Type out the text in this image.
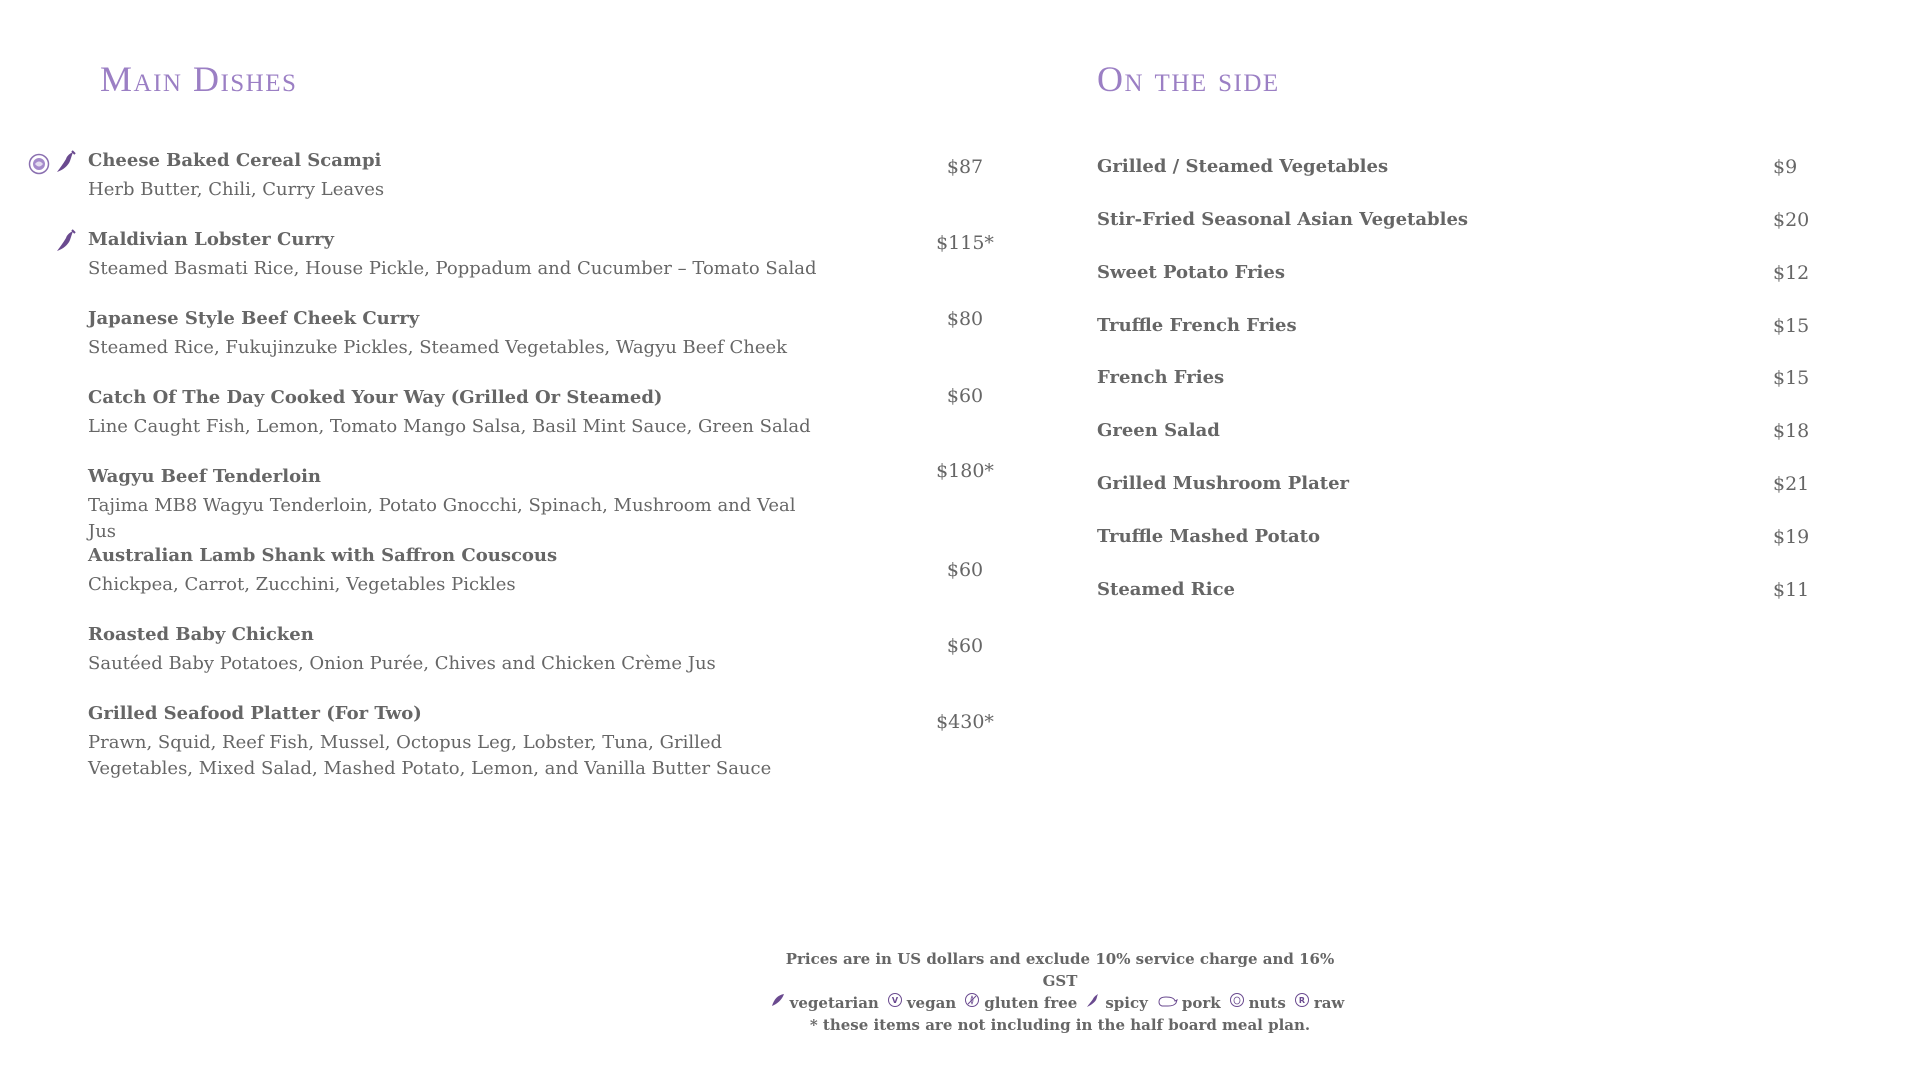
Main Dishes	On the side
Cheese Baked Cereal Scampi
Herb Butter, Chili, Curry Leaves
$87
Maldivian Lobster Curry
Steamed Basmati Rice, House Pickle, Poppadum and Cucumber – Tomato Salad
$115*
Japanese Style Beef Cheek Curry
Steamed Rice, Fukujinzuke Pickles, Steamed Vegetables, Wagyu Beef Cheek
$80
Catch Of The Day Cooked Your Way (Grilled Or Steamed)
Line Caught Fish, Lemon, Tomato Mango Salsa, Basil Mint Sauce, Green Salad
$60
Wagyu Beef Tenderloin
Tajima MB8 Wagyu Tenderloin, Potato Gnocchi, Spinach, Mushroom and Veal Jus
$180*
Australian Lamb Shank with Saffron Couscous
Chickpea, Carrot, Zucchini, Vegetables Pickles
$60
Roasted Baby Chicken
Sautéed Baby Potatoes, Onion Purée, Chives and Chicken Crème Jus
$60
Grilled Seafood Platter (For Two)
Prawn, Squid, Reef Fish, Mussel, Octopus Leg, Lobster, Tuna, Grilled Vegetables, Mixed Salad, Mashed Potato, Lemon, and Vanilla Butter Sauce
$430*
Grilled / Steamed Vegetables	$9
Stir-Fried Seasonal Asian Vegetables	$20
Sweet Potato Fries	$12
Truffle French Fries	$15
French Fries	$15
Green Salad	$18
Grilled Mushroom Plater	$21
Truffle Mashed Potato	$19
Steamed Rice	$11
Prices are in US dollars and exclude 10% service charge and 16% GST
vegetarian V vegan gluten free spicy pork nuts R raw
* these items are not including in the half board meal plan.
